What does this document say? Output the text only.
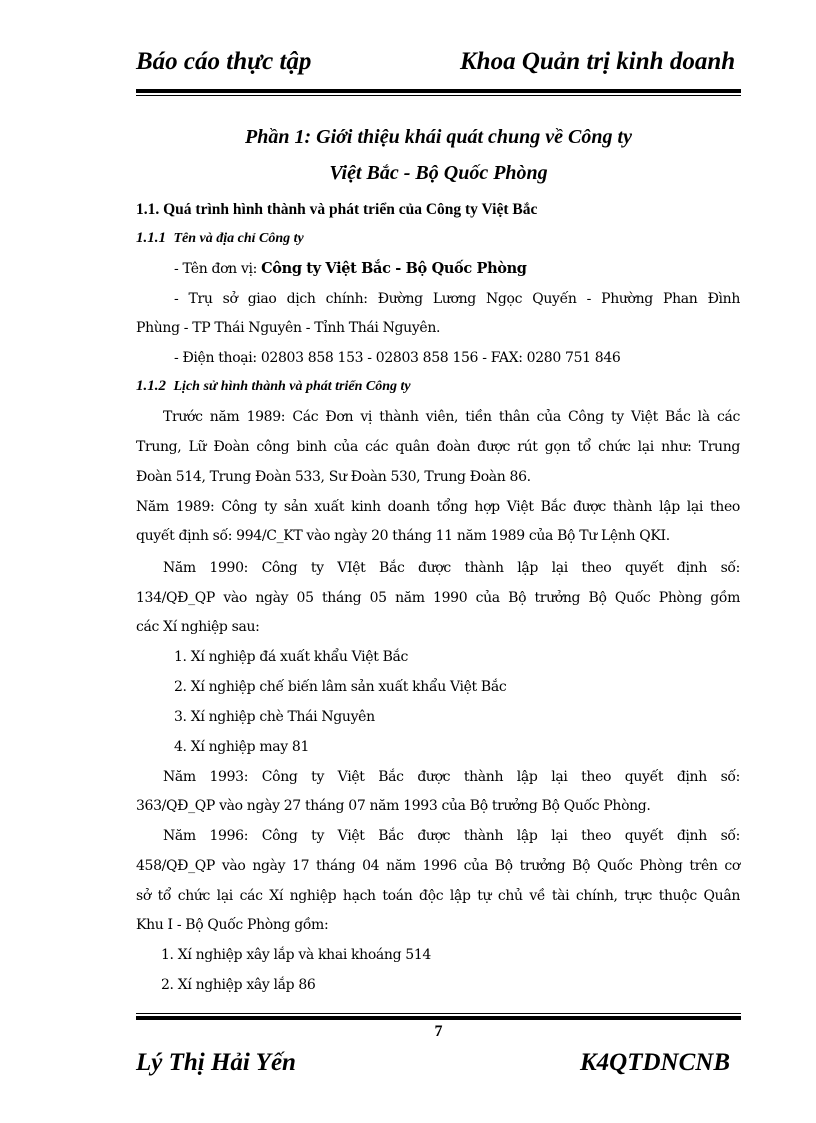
Báo cáo thực tập	Khoa Quản trị kinh doanh
Phần 1: Giới thiệu khái quát chung về Công ty
Việt Bắc - Bộ Quốc Phòng
1.1. Quá trình hình thành và phát triển của Công ty Việt Bắc
1.1.1 Tên và địa chỉ Công ty
- Tên đơn vị: Công ty Việt Bắc - Bộ Quốc Phòng
- Trụ sở giao dịch chính: Đường Lương Ngọc Quyến - Phường Phan Đình
Phùng - TP Thái Nguyên - Tỉnh Thái Nguyên.
- Điện thoại: 02803 858 153 - 02803 858 156 - FAX: 0280 751 846
1.1.2 Lịch sử hình thành và phát triển Công ty
Trước năm 1989: Các Đơn vị thành viên, tiền thân của Công ty Việt Bắc là các
Trung, Lữ Đoàn công binh của các quân đoàn được rút gọn tổ chức lại như: Trung
Đoàn 514, Trung Đoàn 533, Sư Đoàn 530, Trung Đoàn 86.
Năm 1989: Công ty sản xuất kinh doanh tổng hợp Việt Bắc được thành lập lại theo
quyết định số: 994/C_KT vào ngày 20 tháng 11 năm 1989 của Bộ Tư Lệnh QKI.
Năm 1990: Công ty VIệt Bắc được thành lập lại theo quyết định số:
134/QĐ_QP vào ngày 05 tháng 05 năm 1990 của Bộ trưởng Bộ Quốc Phòng gồm
các Xí nghiệp sau:
1. Xí nghiệp đá xuất khẩu Việt Bắc
2. Xí nghiệp chế biến lâm sản xuất khẩu Việt Bắc
3. Xí nghiệp chè Thái Nguyên
4. Xí nghiệp may 81
Năm 1993: Công ty Việt Bắc được thành lập lại theo quyết định số:
363/QĐ_QP vào ngày 27 tháng 07 năm 1993 của Bộ trưởng Bộ Quốc Phòng.
Năm 1996: Công ty Việt Bắc được thành lập lại theo quyết định số:
458/QĐ_QP vào ngày 17 tháng 04 năm 1996 của Bộ trưởng Bộ Quốc Phòng trên cơ
sở tổ chức lại các Xí nghiệp hạch toán độc lập tự chủ về tài chính, trực thuộc Quân
Khu I - Bộ Quốc Phòng gồm:
1. Xí nghiệp xây lắp và khai khoáng 514
2. Xí nghiệp xây lắp 86
7
Lý Thị Hải Yến	K4QTDNCNB
